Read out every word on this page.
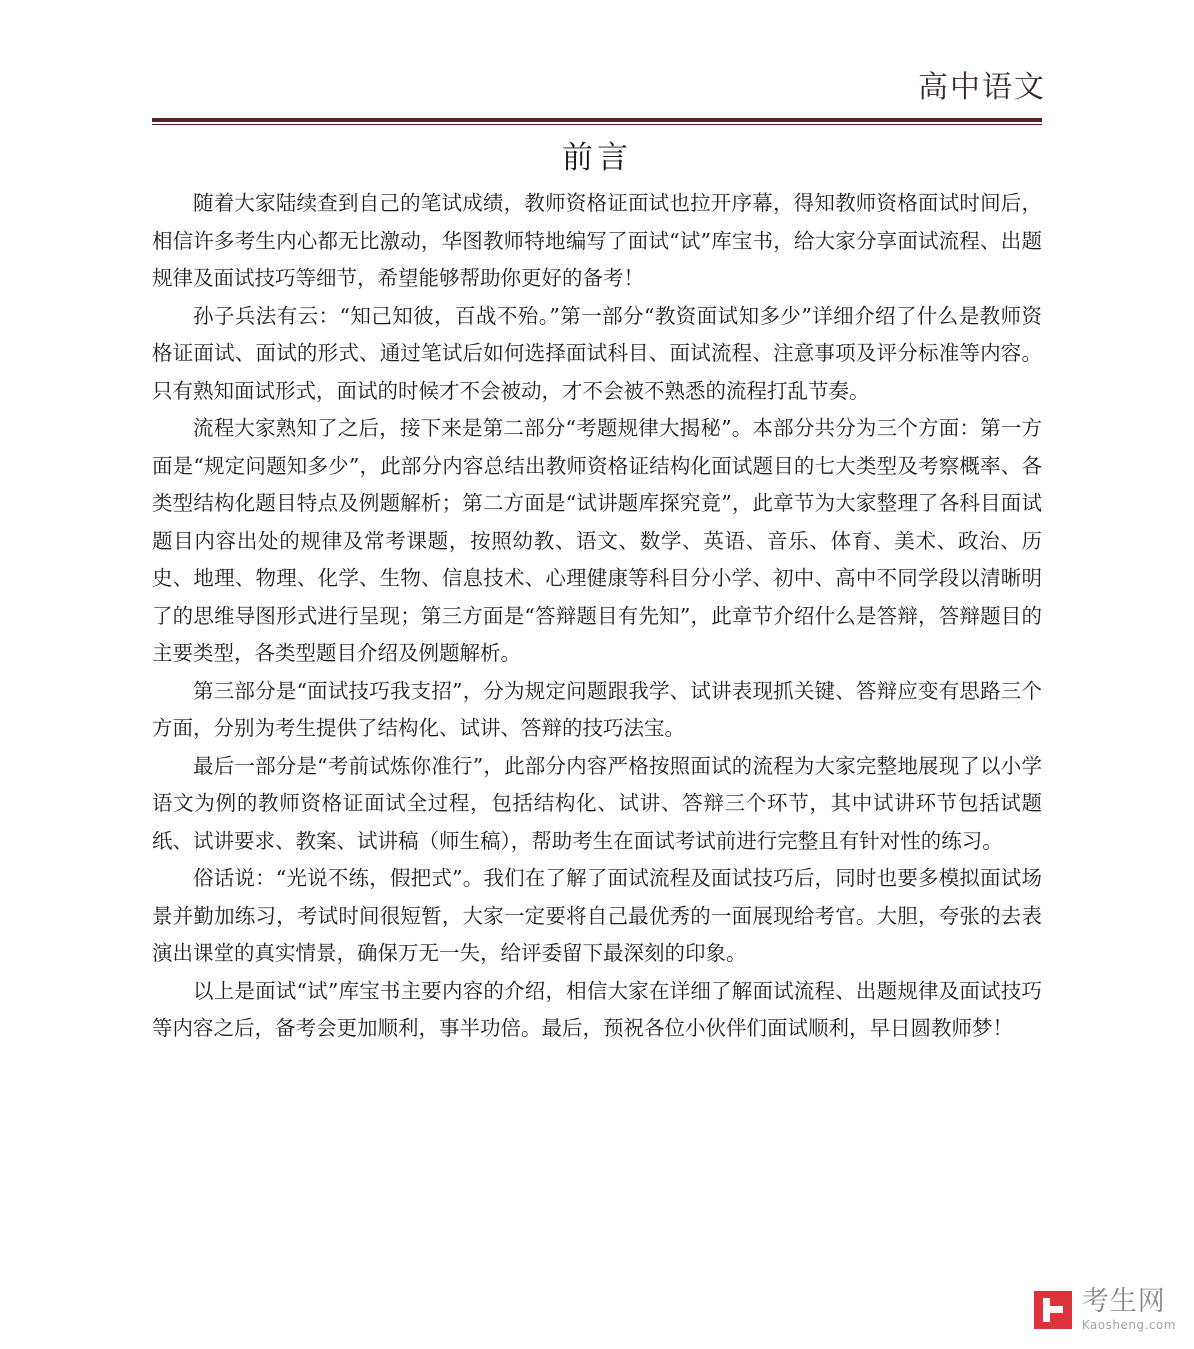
高中语文
前言

随着大家陆续查到自己的笔试成绩，教师资格证面试也拉开序幕，得知教师资格面试时间后，相信许多考生内心都无比激动，华图教师特地编写了面试“试”库宝书，给大家分享面试流程、出题规律及面试技巧等细节，希望能够帮助你更好的备考！

孙子兵法有云：“知己知彼，百战不殆。”第一部分“教资面试知多少”详细介绍了什么是教师资格证面试、面试的形式、通过笔试后如何选择面试科目、面试流程、注意事项及评分标准等内容。只有熟知面试形式，面试的时候才不会被动，才不会被不熟悉的流程打乱节奏。

流程大家熟知了之后，接下来是第二部分“考题规律大揭秘”。本部分共分为三个方面：第一方面是“规定问题知多少”，此部分内容总结出教师资格证结构化面试题目的七大类型及考察概率、各类型结构化题目特点及例题解析；第二方面是“试讲题库探究竟”，此章节为大家整理了各科目面试题目内容出处的规律及常考课题，按照幼教、语文、数学、英语、音乐、体育、美术、政治、历史、地理、物理、化学、生物、信息技术、心理健康等科目分小学、初中、高中不同学段以清晰明了的思维导图形式进行呈现；第三方面是“答辩题目有先知”，此章节介绍什么是答辩，答辩题目的主要类型，各类型题目介绍及例题解析。

第三部分是“面试技巧我支招”，分为规定问题跟我学、试讲表现抓关键、答辩应变有思路三个方面，分别为考生提供了结构化、试讲、答辩的技巧法宝。

最后一部分是“考前试炼你准行”，此部分内容严格按照面试的流程为大家完整地展现了以小学语文为例的教师资格证面试全过程，包括结构化、试讲、答辩三个环节，其中试讲环节包括试题纸、试讲要求、教案、试讲稿（师生稿），帮助考生在面试考试前进行完整且有针对性的练习。

俗话说：“光说不练，假把式”。我们在了解了面试流程及面试技巧后，同时也要多模拟面试场景并勤加练习，考试时间很短暂，大家一定要将自己最优秀的一面展现给考官。大胆，夸张的去表演出课堂的真实情景，确保万无一失，给评委留下最深刻的印象。

以上是面试“试”库宝书主要内容的介绍，相信大家在详细了解面试流程、出题规律及面试技巧等内容之后，备考会更加顺利，事半功倍。最后，预祝各位小伙伴们面试顺利，早日圆教师梦！

考生网
Kaosheng.com
